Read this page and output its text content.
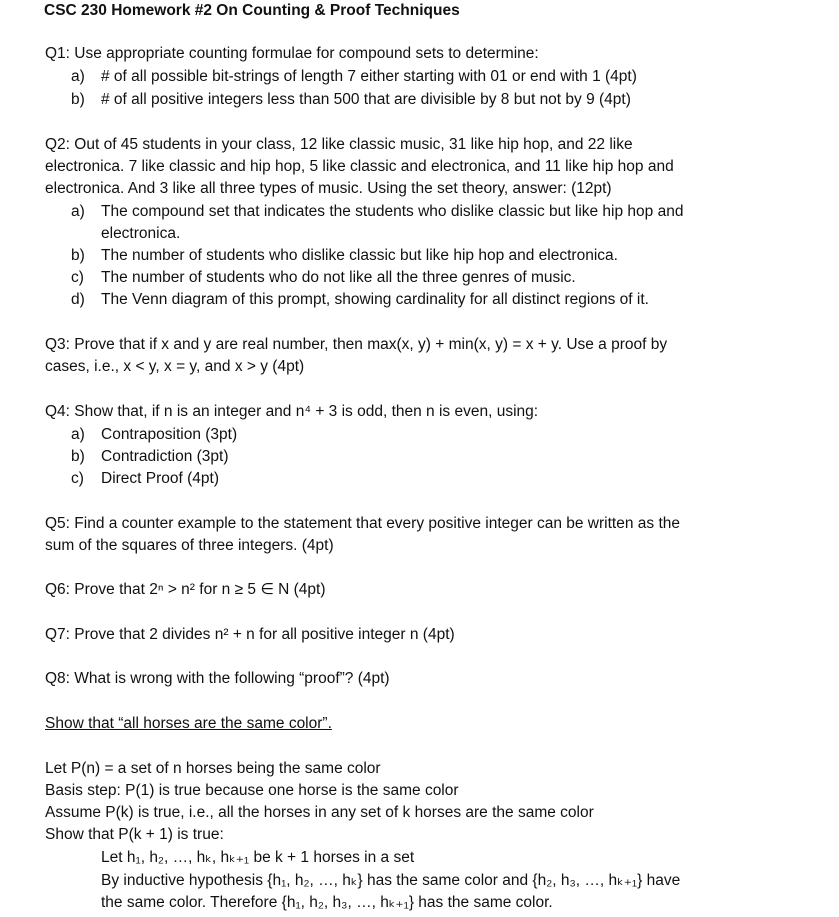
CSC 230 Homework #2 On Counting & Proof Techniques
Q1: Use appropriate counting formulae for compound sets to determine:
a) # of all possible bit-strings of length 7 either starting with 01 or end with 1 (4pt)
b) # of all positive integers less than 500 that are divisible by 8 but not by 9 (4pt)
Q2: Out of 45 students in your class, 12 like classic music, 31 like hip hop, and 22 like
electronica. 7 like classic and hip hop, 5 like classic and electronica, and 11 like hip hop and
electronica. And 3 like all three types of music. Using the set theory, answer: (12pt)
a) The compound set that indicates the students who dislike classic but like hip hop and
electronica.
b) The number of students who dislike classic but like hip hop and electronica.
c) The number of students who do not like all the three genres of music.
d) The Venn diagram of this prompt, showing cardinality for all distinct regions of it.
Q3: Prove that if x and y are real number, then max(x, y) + min(x, y) = x + y. Use a proof by
cases, i.e., x < y, x = y, and x > y (4pt)
Q4: Show that, if n is an integer and n⁴ + 3 is odd, then n is even, using:
a) Contraposition (3pt)
b) Contradiction (3pt)
c) Direct Proof (4pt)
Q5: Find a counter example to the statement that every positive integer can be written as the
sum of the squares of three integers. (4pt)
Q6: Prove that 2ⁿ > n² for n ≥ 5 ∈ N (4pt)
Q7: Prove that 2 divides n² + n for all positive integer n (4pt)
Q8: What is wrong with the following “proof”? (4pt)
Show that “all horses are the same color”.
Let P(n) = a set of n horses being the same color
Basis step: P(1) is true because one horse is the same color
Assume P(k) is true, i.e., all the horses in any set of k horses are the same color
Show that P(k + 1) is true:
Let h₁, h₂, …, hₖ, hₖ₊₁ be k + 1 horses in a set
By inductive hypothesis {h₁, h₂, …, hₖ} has the same color and {h₂, h₃, …, hₖ₊₁} have
the same color. Therefore {h₁, h₂, h₃, …, hₖ₊₁} has the same color.
